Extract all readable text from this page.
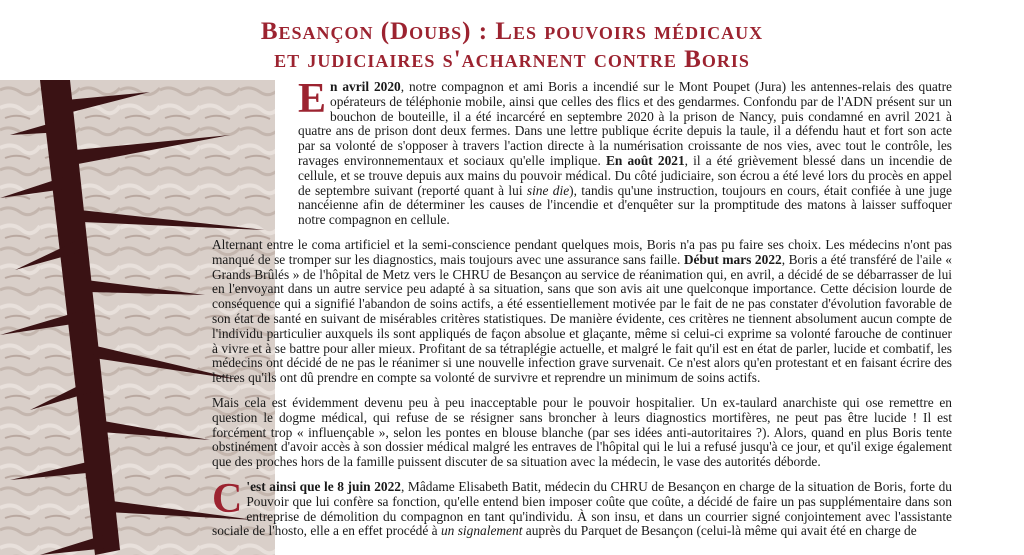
Besançon (Doubs) : Les pouvoirs médicaux
et judiciaires s'acharnent contre Boris

En avril 2020, notre compagnon et ami Boris a incendié sur le Mont Poupet (Jura) les antennes-relais des quatre opérateurs de téléphonie mobile, ainsi que celles des flics et des gendarmes. Confondu par de l'ADN présent sur un bouchon de bouteille, il a été incarcéré en septembre 2020 à la prison de Nancy, puis condamné en avril 2021 à quatre ans de prison dont deux fermes. Dans une lettre publique écrite depuis la taule, il a défendu haut et fort son acte par sa volonté de s'opposer à travers l'action directe à la numérisation croissante de nos vies, avec tout le contrôle, les ravages environnementaux et sociaux qu'elle implique. En août 2021, il a été grièvement blessé dans un incendie de cellule, et se trouve depuis aux mains du pouvoir médical. Du côté judiciaire, son écrou a été levé lors du procès en appel de septembre suivant (reporté quant à lui sine die), tandis qu'une instruction, toujours en cours, était confiée à une juge nancéienne afin de déterminer les causes de l'incendie et d'enquêter sur la promptitude des matons à laisser suffoquer notre compagnon en cellule.

Alternant entre le coma artificiel et la semi-conscience pendant quelques mois, Boris n'a pas pu faire ses choix. Les médecins n'ont pas manqué de se tromper sur les diagnostics, mais toujours avec une assurance sans faille. Début mars 2022, Boris a été transféré de l'aile « Grands Brûlés » de l'hôpital de Metz vers le CHRU de Besançon au service de réanimation qui, en avril, a décidé de se débarrasser de lui en l'envoyant dans un autre service peu adapté à sa situation, sans que son avis ait une quelconque importance. Cette décision lourde de conséquence qui a signifié l'abandon de soins actifs, a été essentiellement motivée par le fait de ne pas constater d'évolution favorable de son état de santé en suivant de misérables critères statistiques. De manière évidente, ces critères ne tiennent absolument aucun compte de l'individu particulier auxquels ils sont appliqués de façon absolue et glaçante, même si celui-ci exprime sa volonté farouche de continuer à vivre et à se battre pour aller mieux. Profitant de sa tétraplégie actuelle, et malgré le fait qu'il est en état de parler, lucide et combatif, les médecins ont décidé de ne pas le réanimer si une nouvelle infection grave survenait. Ce n'est alors qu'en protestant et en faisant écrire des lettres qu'ils ont dû prendre en compte sa volonté de survivre et reprendre un minimum de soins actifs.

Mais cela est évidemment devenu peu à peu inacceptable pour le pouvoir hospitalier. Un ex-taulard anarchiste qui ose remettre en question le dogme médical, qui refuse de se résigner sans broncher à leurs diagnostics mortifères, ne peut pas être lucide ! Il est forcément trop « influençable », selon les pontes en blouse blanche (par ses idées anti-autoritaires ?). Alors, quand en plus Boris tente obstinément d'avoir accès à son dossier médical malgré les entraves de l'hôpital qui le lui a refusé jusqu'à ce jour, et qu'il exige également que des proches hors de la famille puissent discuter de sa situation avec la médecin, le vase des autorités déborde.

C 'est ainsi que le 8 juin 2022, Mâdame Elisabeth Batit, médecin du CHRU de Besançon en charge de la situation de Boris, forte du Pouvoir que lui confère sa fonction, qu'elle entend bien imposer coûte que coûte, a décidé de faire un pas supplémentaire dans son entreprise de démolition du compagnon en tant qu'individu. À son insu, et dans un courrier signé conjointement avec l'assistante sociale de l'hosto, elle a en effet procédé à un signalement auprès du Parquet de Besançon (celui-là même qui avait été en charge de
